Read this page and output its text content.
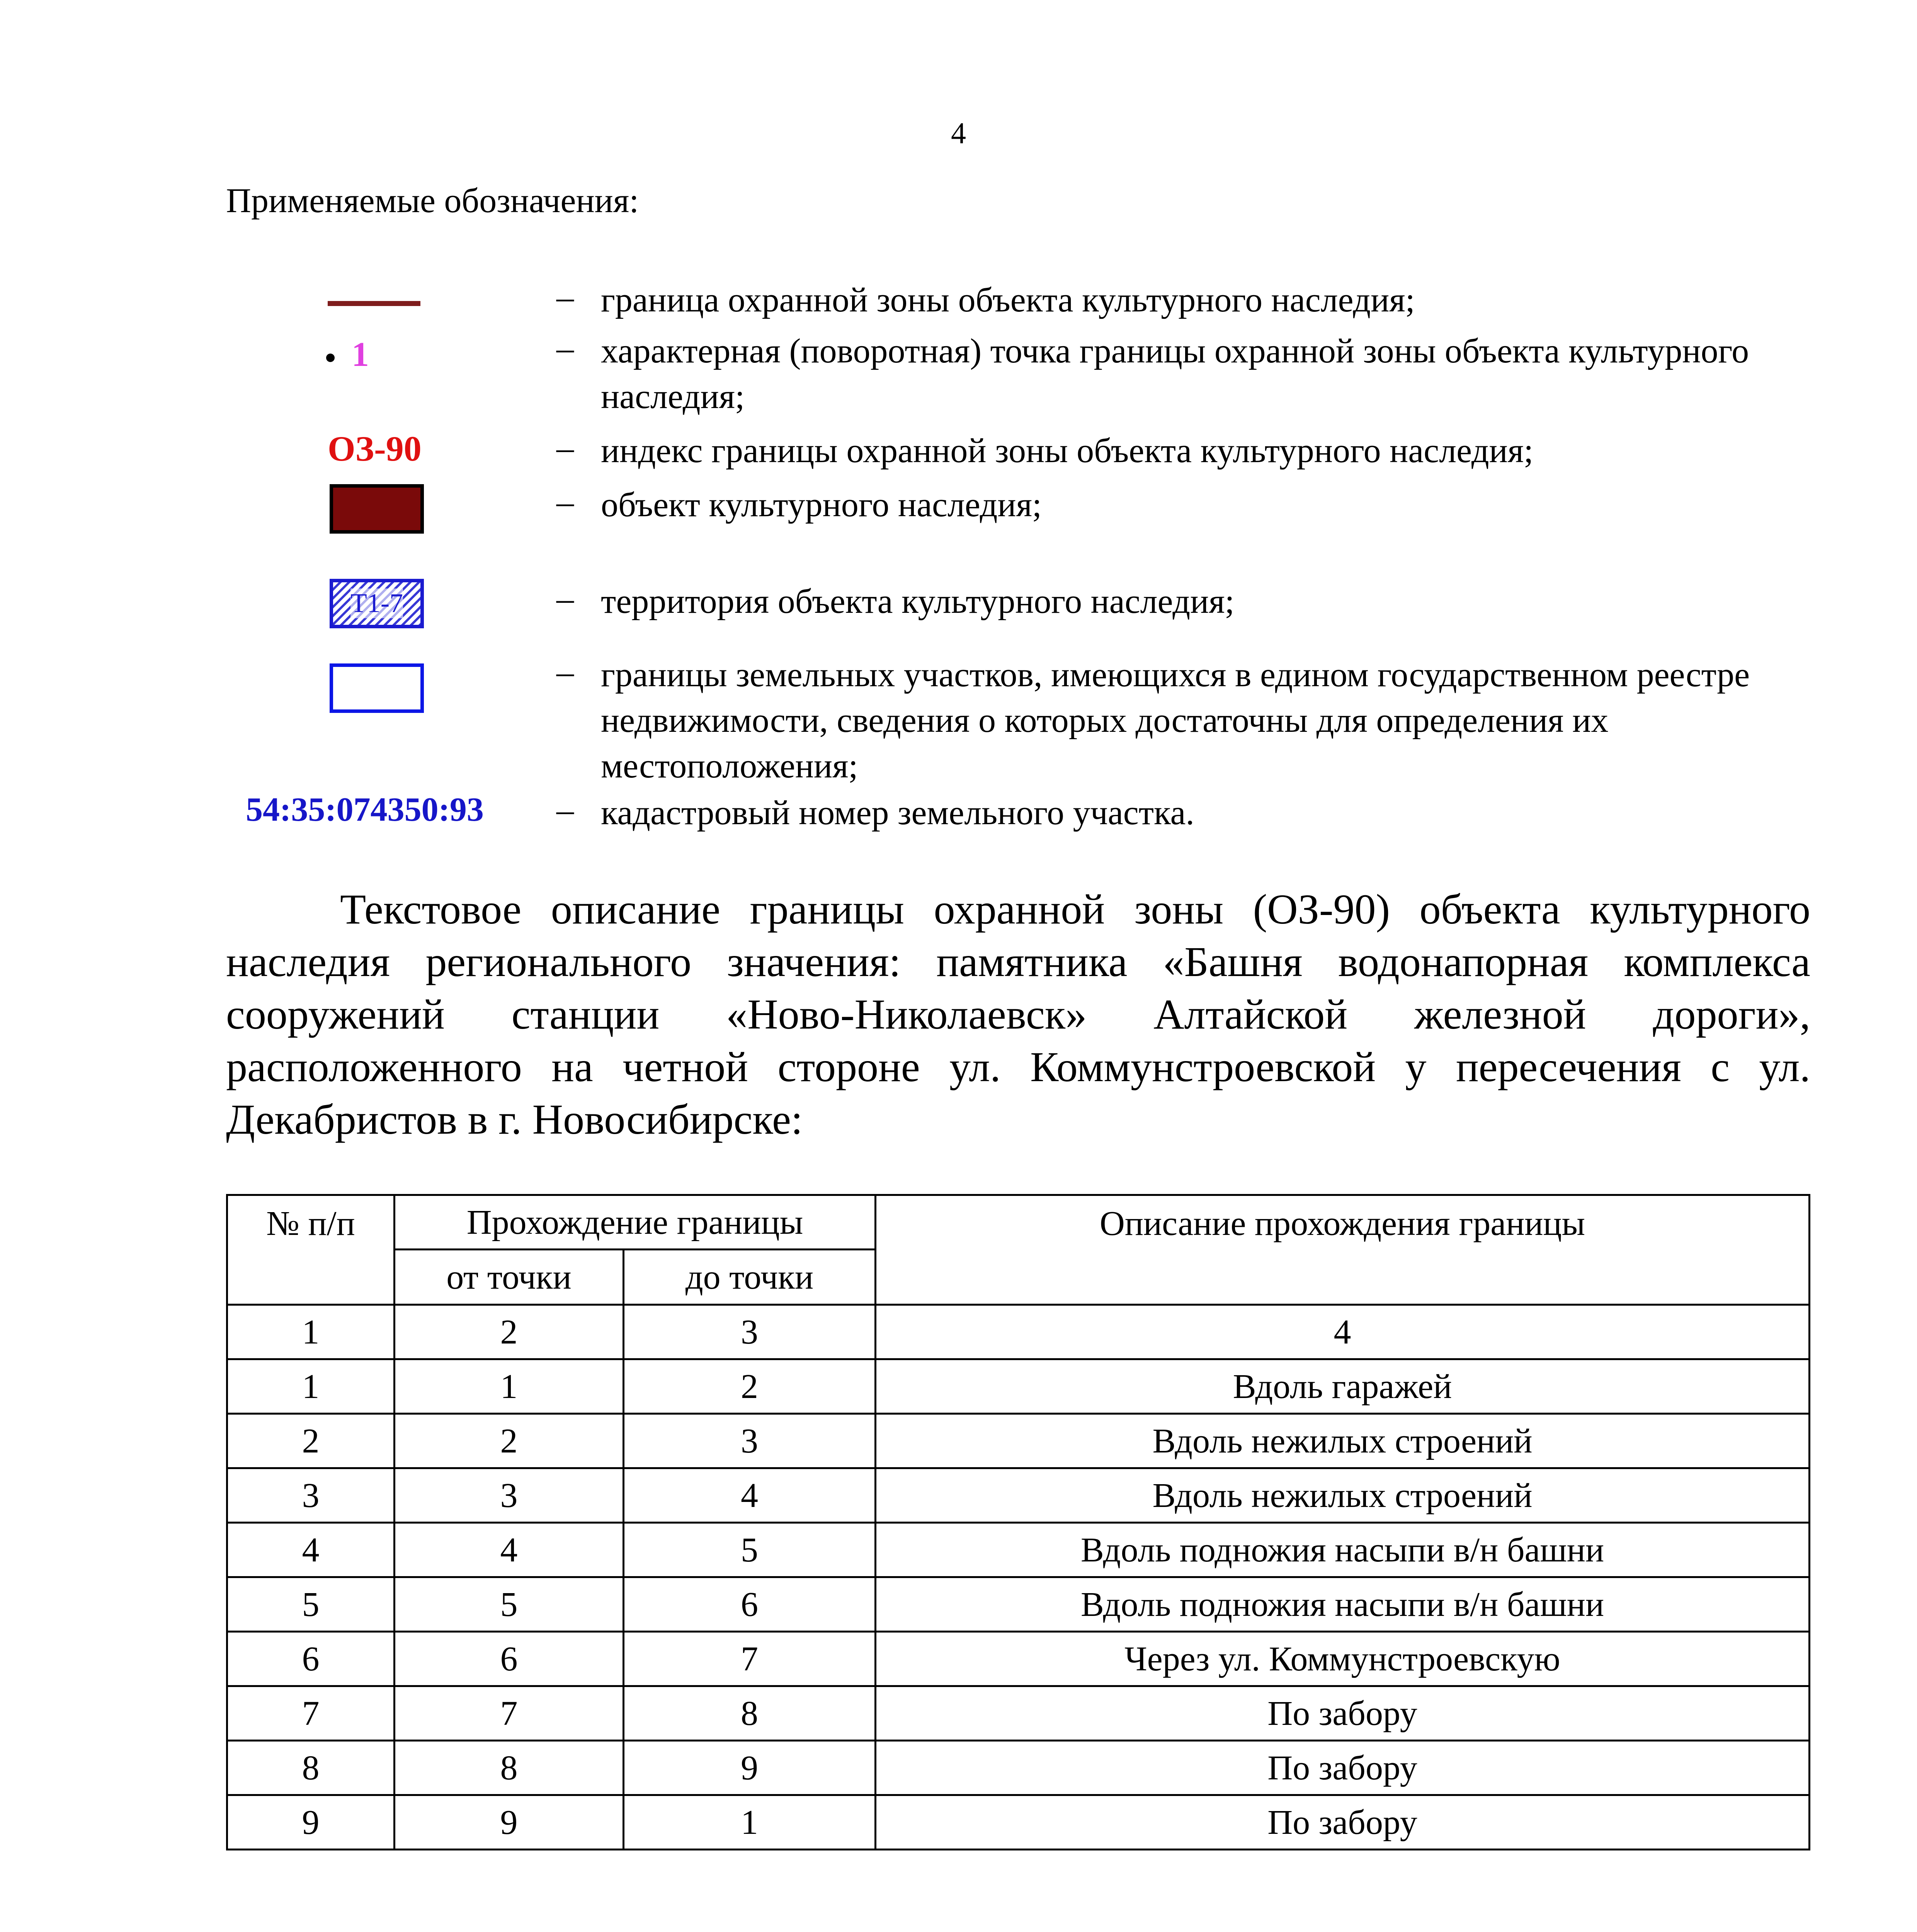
4
Применяемые обозначения:
– граница охранной зоны объекта культурного наследия;
1	– характерная (поворотная) точка границы охранной зоны объекта культурного наследия;
ОЗ-90	– индекс границы охранной зоны объекта культурного наследия;
– объект культурного наследия;
Т1-7	– территория объекта культурного наследия;
– границы земельных участков, имеющихся в едином государственном реестре недвижимости, сведения о которых достаточны для определения их местоположения;
54:35:074350:93 – кадастровый номер земельного участка.
Текстовое описание границы охранной зоны (ОЗ-90) объекта культурного наследия регионального значения: памятника «Башня водонапорная комплекса сооружений станции «Ново-Николаевск» Алтайской железной дороги», расположенного на четной стороне ул. Коммунстроевской у пересечения с ул. Декабристов в г. Новосибирске:
№ п/п	Прохождение границы		Описание прохождения границы
	от точки	до точки	
1	2	3	4
1	1	2	Вдоль гаражей
2	2	3	Вдоль нежилых строений
3	3	4	Вдоль нежилых строений
4	4	5	Вдоль подножия насыпи в/н башни
5	5	6	Вдоль подножия насыпи в/н башни
6	6	7	Через ул. Коммунстроевскую
7	7	8	По забору
8	8	9	По забору
9	9	1	По забору
